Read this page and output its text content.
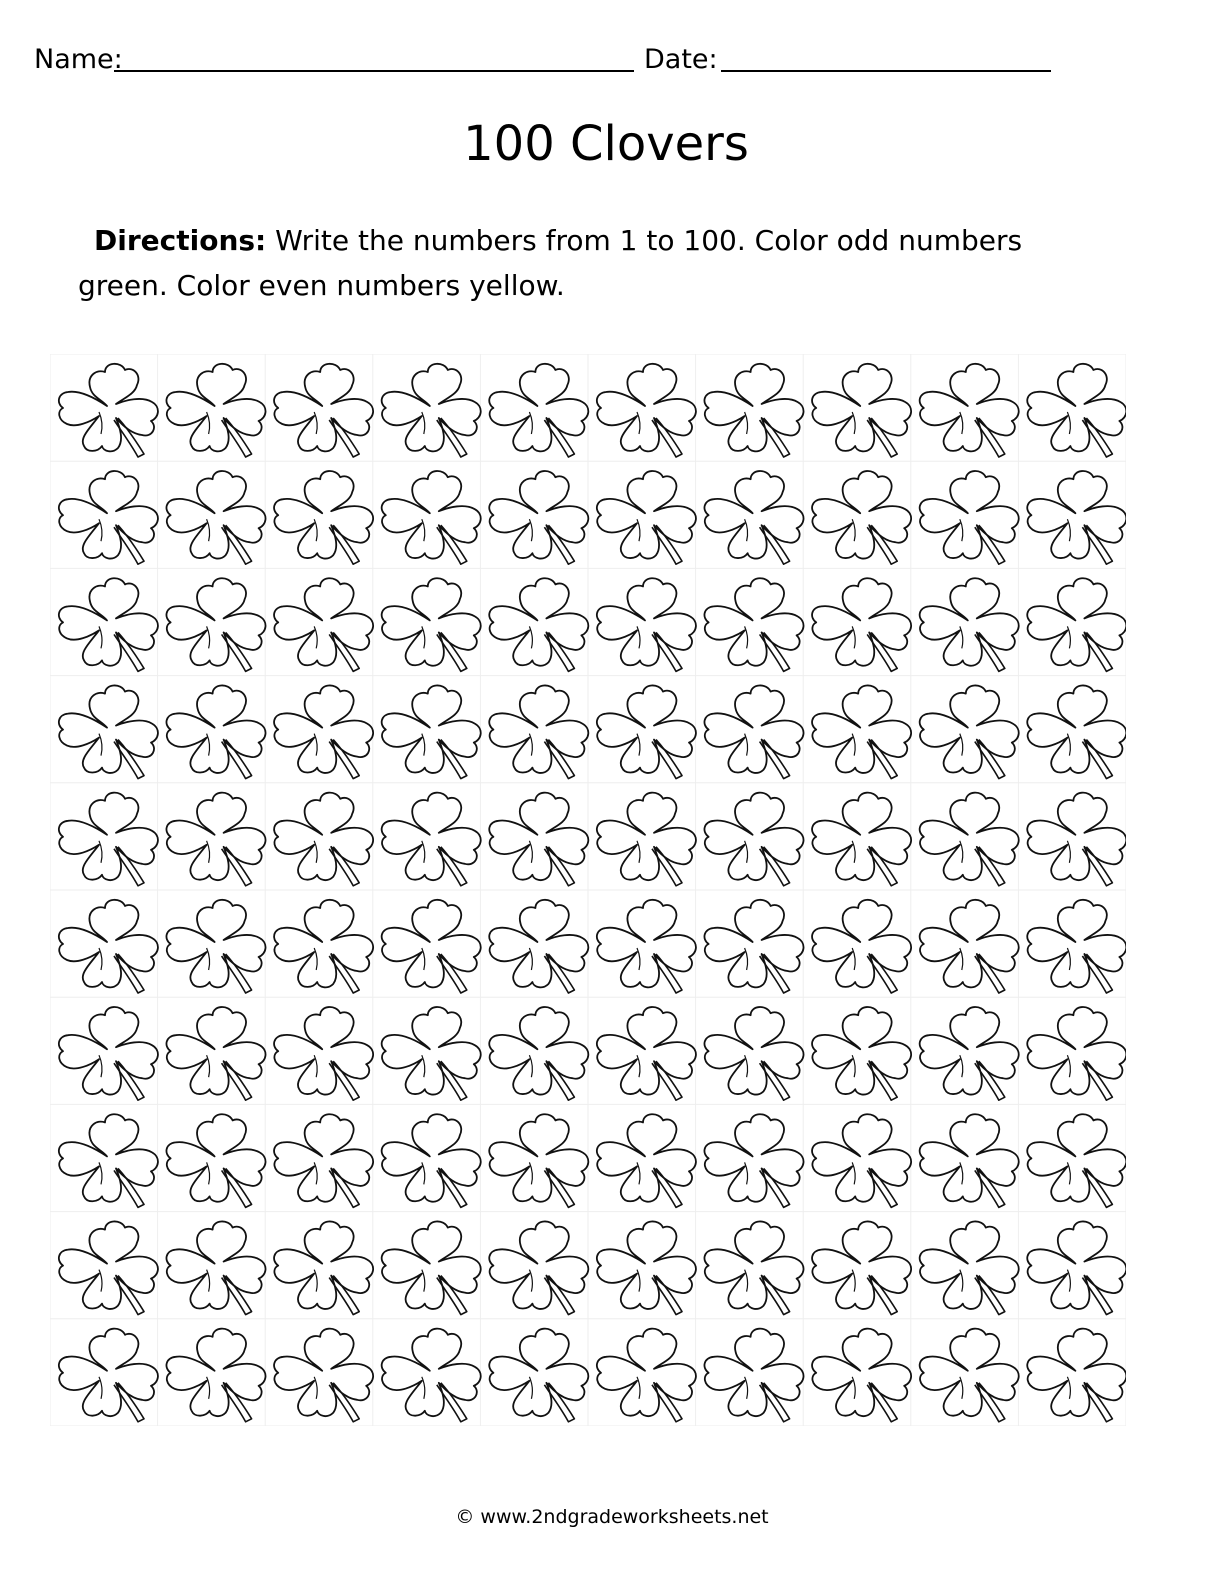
Name:	Date:
100 Clovers
Directions: Write the numbers from 1 to 100. Color odd numbers green. Color even numbers yellow.
© www.2ndgradeworksheets.net
